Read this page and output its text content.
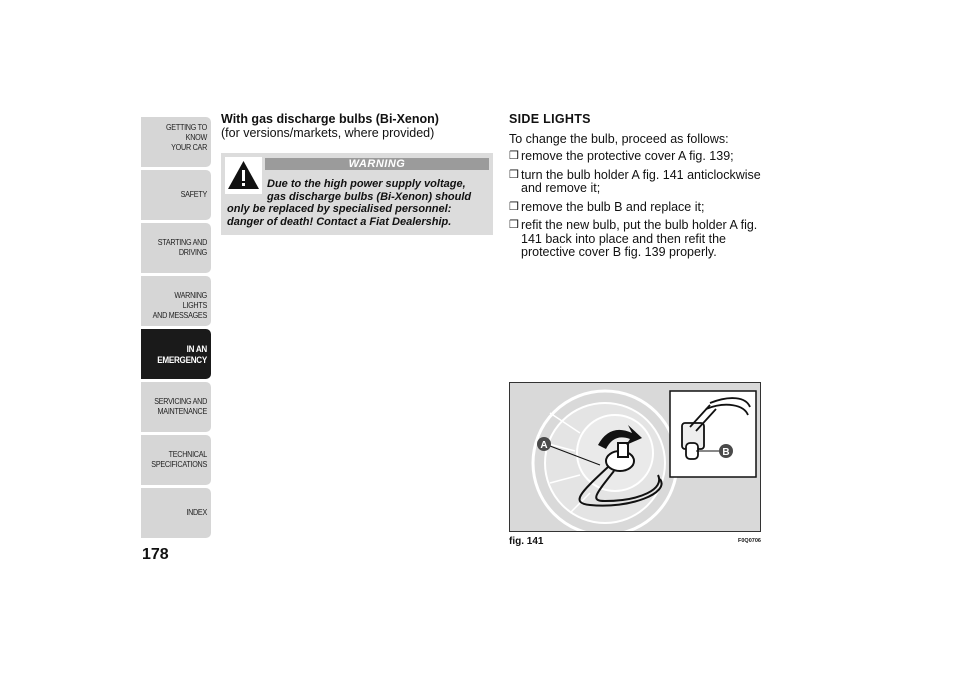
GETTING TO KNOW
YOUR CAR
SAFETY
STARTING AND
DRIVING
WARNING LIGHTS
AND MESSAGES
IN AN
EMERGENCY
SERVICING AND
MAINTENANCE
TECHNICAL
SPECIFICATIONS
INDEX
178

With gas discharge bulbs (Bi-Xenon)

(for versions/markets, where provided)

WARNING
Due to the high power supply voltage,
gas discharge bulbs (Bi-Xenon) should
only be replaced by specialised personnel:
danger of death! Contact a Fiat Dealership.

SIDE LIGHTS

To change the bulb, proceed as follows:

❒ remove the protective cover A fig. 139;
❒ turn the bulb holder A fig. 141 anticlockwise and remove it;
❒ remove the bulb B and replace it;
❒ refit the new bulb, put the bulb holder A fig. 141 back into place and then refit the protective cover B fig. 139 properly.
A
B
fig. 141	F0Q0706
